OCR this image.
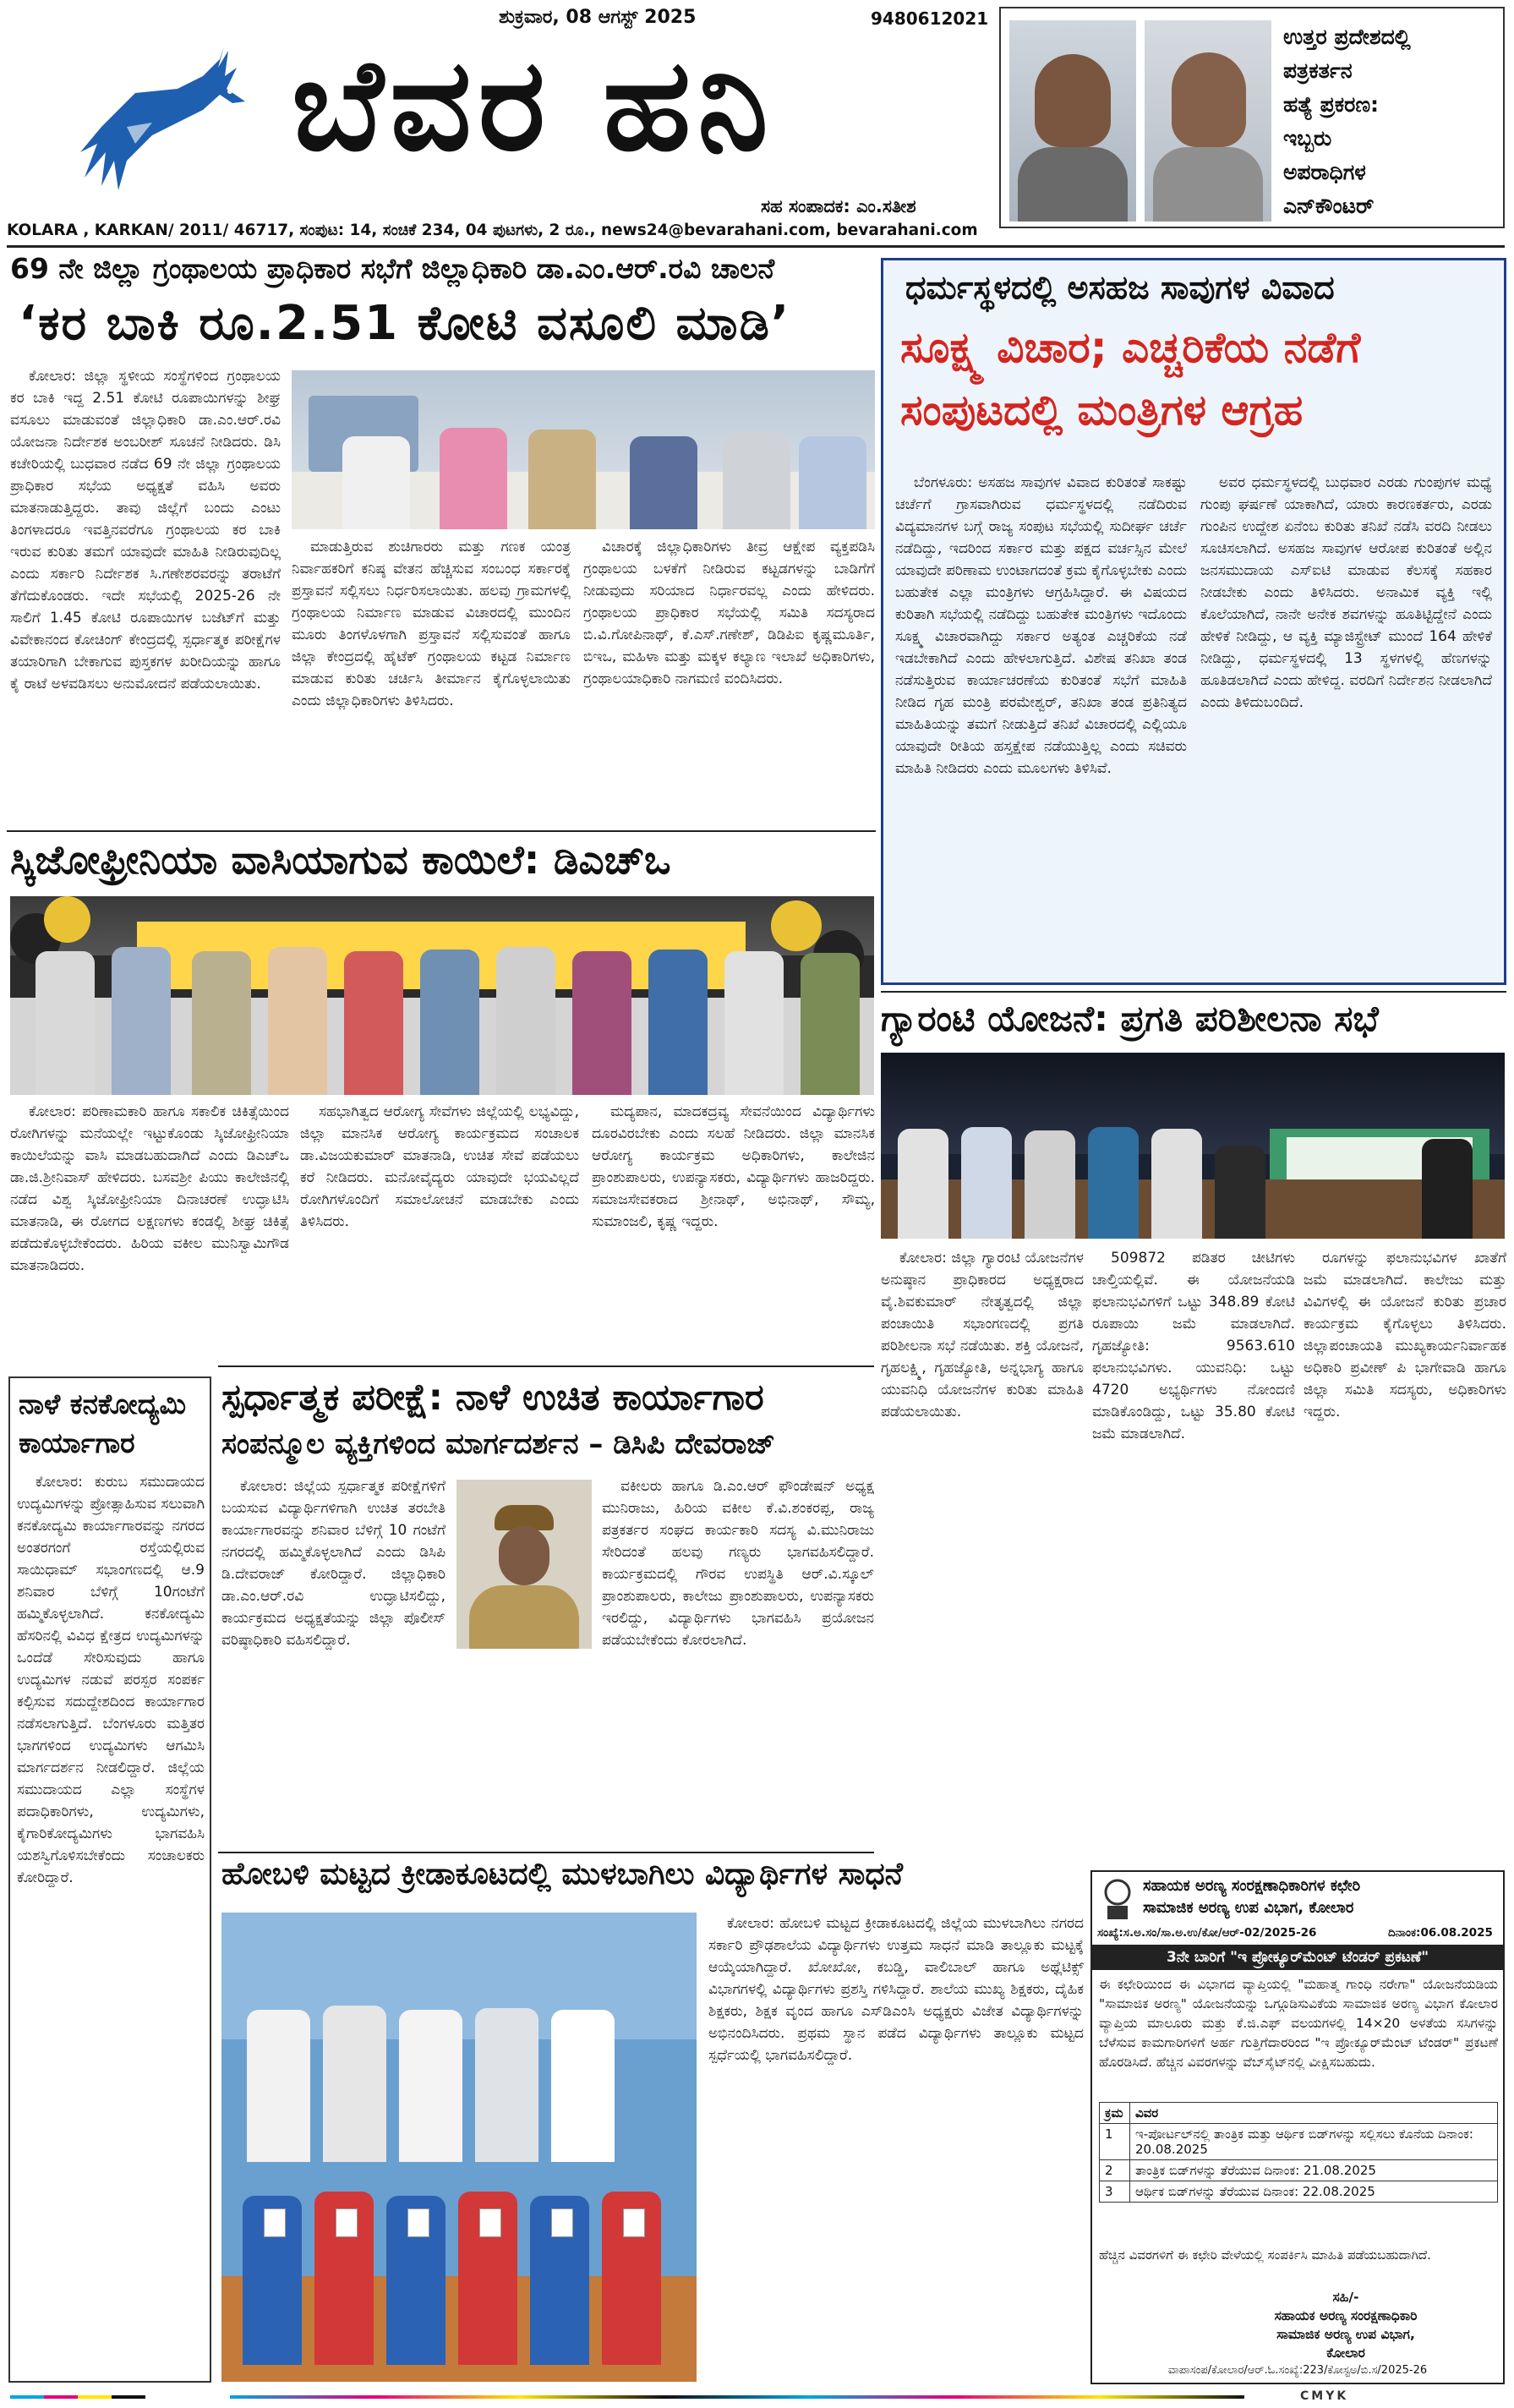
ಶುಕ್ರವಾರ, 08 ಆಗಸ್ಟ್ 2025	9480612021
ಬೆವರ ಹನಿ
ಸಹ ಸಂಪಾದಕ: ಎಂ.ಸತೀಶ
ಉತ್ತರ ಪ್ರದೇಶದಲ್ಲಿ
ಪತ್ರಕರ್ತನ
ಹತ್ಯೆ ಪ್ರಕರಣ:
ಇಬ್ಬರು
ಅಪರಾಧಿಗಳ
ಎನ್‌ಕೌಂಟರ್
KOLARA , KARKAN/ 2011/ 46717, ಸಂಪುಟ: 14, ಸಂಚಿಕೆ 234, 04 ಪುಟಗಳು, 2 ರೂ., news24@bevarahani.com, bevarahani.com
69 ನೇ ಜಿಲ್ಲಾ ಗ್ರಂಥಾಲಯ ಪ್ರಾಧಿಕಾರ ಸಭೆಗೆ ಜಿಲ್ಲಾಧಿಕಾರಿ ಡಾ.ಎಂ.ಆರ್.ರವಿ ಚಾಲನೆ
‘ಕರ ಬಾಕಿ ರೂ.2.51 ಕೋಟಿ ವಸೂಲಿ ಮಾಡಿ’

ಕೋಲಾರ: ಜಿಲ್ಲಾ ಸ್ಥಳೀಯ ಸಂಸ್ಥೆಗಳಿಂದ ಗ್ರಂಥಾಲಯ ಕರ ಬಾಕಿ ಇದ್ದ 2.51 ಕೋಟಿ ರೂಪಾಯಿಗಳನ್ನು ಶೀಘ್ರ ವಸೂಲು ಮಾಡುವಂತೆ ಜಿಲ್ಲಾಧಿಕಾರಿ ಡಾ.ಎಂ.ಆರ್.ರವಿ ಯೋಜನಾ ನಿರ್ದೇಶಕ ಅಂಬರೀಶ್ ಸೂಚನೆ ನೀಡಿದರು. ಡಿಸಿ ಕಚೇರಿಯಲ್ಲಿ ಬುಧವಾರ ನಡೆದ 69 ನೇ ಜಿಲ್ಲಾ ಗ್ರಂಥಾಲಯ ಪ್ರಾಧಿಕಾರ ಸಭೆಯ ಅಧ್ಯಕ್ಷತೆ ವಹಿಸಿ ಅವರು ಮಾತನಾಡುತ್ತಿದ್ದರು. ತಾವು ಜಿಲ್ಲೆಗೆ ಬಂದು ಎಂಟು ತಿಂಗಳಾದರೂ ಇವತ್ತಿನವರೆಗೂ ಗ್ರಂಥಾಲಯ ಕರ ಬಾಕಿ ಇರುವ ಕುರಿತು ತಮಗೆ ಯಾವುದೇ ಮಾಹಿತಿ ನೀಡಿರುವುದಿಲ್ಲ ಎಂದು ಸರ್ಕಾರಿ ನಿರ್ದೇಶಕ ಸಿ.ಗಣೇಶರವರನ್ನು ತರಾಟೆಗೆ ತೆಗೆದುಕೊಂಡರು. ಇದೇ ಸಭೆಯಲ್ಲಿ 2025-26 ನೇ ಸಾಲಿಗೆ 1.45 ಕೋಟಿ ರೂಪಾಯಿಗಳ ಬಜೆಟ್‌ಗೆ ಮತ್ತು ವಿವೇಕಾನಂದ ಕೋಚಿಂಗ್ ಕೇಂದ್ರದಲ್ಲಿ ಸ್ಪರ್ಧಾತ್ಮಕ ಪರೀಕ್ಷೆಗಳ ತಯಾರಿಗಾಗಿ ಬೇಕಾಗುವ ಪುಸ್ತಕಗಳ ಖರೀದಿಯನ್ನು ಹಾಗೂ ಕೈ ರಾಟೆ ಅಳವಡಿಸಲು ಅನುಮೋದನೆ ಪಡೆಯಲಾಯಿತು.

ಮಾಡುತ್ತಿರುವ ಶುಚಿಗಾರರು ಮತ್ತು ಗಣಕ ಯಂತ್ರ ನಿರ್ವಾಹಕರಿಗೆ ಕನಿಷ್ಠ ವೇತನ ಹೆಚ್ಚಿಸುವ ಸಂಬಂಧ ಸರ್ಕಾರಕ್ಕೆ ಪ್ರಸ್ತಾವನೆ ಸಲ್ಲಿಸಲು ನಿರ್ಧರಿಸಲಾಯಿತು. ಹಲವು ಗ್ರಾಮಗಳಲ್ಲಿ ಗ್ರಂಥಾಲಯ ನಿರ್ಮಾಣ ಮಾಡುವ ವಿಚಾರದಲ್ಲಿ ಮುಂದಿನ ಮೂರು ತಿಂಗಳೊಳಗಾಗಿ ಪ್ರಸ್ತಾವನೆ ಸಲ್ಲಿಸುವಂತೆ ಹಾಗೂ ಜಿಲ್ಲಾ ಕೇಂದ್ರದಲ್ಲಿ ಹೈಟೆಕ್ ಗ್ರಂಥಾಲಯ ಕಟ್ಟಡ ನಿರ್ಮಾಣ ಮಾಡುವ ಕುರಿತು ಚರ್ಚಿಸಿ ತೀರ್ಮಾನ ಕೈಗೊಳ್ಳಲಾಯಿತು ಎಂದು ಜಿಲ್ಲಾಧಿಕಾರಿಗಳು ತಿಳಿಸಿದರು.

ವಿಚಾರಕ್ಕೆ ಜಿಲ್ಲಾಧಿಕಾರಿಗಳು ತೀವ್ರ ಆಕ್ಷೇಪ ವ್ಯಕ್ತಪಡಿಸಿ ಗ್ರಂಥಾಲಯ ಬಳಕೆಗೆ ನೀಡಿರುವ ಕಟ್ಟಡಗಳನ್ನು ಬಾಡಿಗೆಗೆ ನೀಡುವುದು ಸರಿಯಾದ ನಿರ್ಧಾರವಲ್ಲ ಎಂದು ಹೇಳಿದರು. ಗ್ರಂಥಾಲಯ ಪ್ರಾಧಿಕಾರ ಸಭೆಯಲ್ಲಿ ಸಮಿತಿ ಸದಸ್ಯರಾದ ಬಿ.ವಿ.ಗೋಪಿನಾಥ್, ಕೆ.ಎಸ್.ಗಣೇಶ್, ಡಿಡಿಪಿಐ ಕೃಷ್ಣಮೂರ್ತಿ, ಬಿಇಒ, ಮಹಿಳಾ ಮತ್ತು ಮಕ್ಕಳ ಕಲ್ಯಾಣ ಇಲಾಖೆ ಅಧಿಕಾರಿಗಳು, ಗ್ರಂಥಾಲಯಾಧಿಕಾರಿ ನಾಗಮಣಿ ವಂದಿಸಿದರು.

ಧರ್ಮಸ್ಥಳದಲ್ಲಿ ಅಸಹಜ ಸಾವುಗಳ ವಿವಾದ
ಸೂಕ್ಷ್ಮ ವಿಚಾರ; ಎಚ್ಚರಿಕೆಯ ನಡೆಗೆ
ಸಂಪುಟದಲ್ಲಿ ಮಂತ್ರಿಗಳ ಆಗ್ರಹ

ಬೆಂಗಳೂರು: ಅಸಹಜ ಸಾವುಗಳ ವಿವಾದ ಕುರಿತಂತೆ ಸಾಕಷ್ಟು ಚರ್ಚೆಗೆ ಗ್ರಾಸವಾಗಿರುವ ಧರ್ಮಸ್ಥಳದಲ್ಲಿ ನಡೆದಿರುವ ವಿದ್ಯಮಾನಗಳ ಬಗ್ಗೆ ರಾಜ್ಯ ಸಂಪುಟ ಸಭೆಯಲ್ಲಿ ಸುದೀರ್ಘ ಚರ್ಚೆ ನಡೆದಿದ್ದು, ಇದರಿಂದ ಸರ್ಕಾರ ಮತ್ತು ಪಕ್ಷದ ವರ್ಚಸ್ಸಿನ ಮೇಲೆ ಯಾವುದೇ ಪರಿಣಾಮ ಉಂಟಾಗದಂತೆ ಕ್ರಮ ಕೈಗೊಳ್ಳಬೇಕು ಎಂದು ಬಹುತೇಕ ಎಲ್ಲಾ ಮಂತ್ರಿಗಳು ಆಗ್ರಹಿಸಿದ್ದಾರೆ. ಈ ವಿಷಯದ ಕುರಿತಾಗಿ ಸಭೆಯಲ್ಲಿ ನಡೆದಿದ್ದು ಬಹುತೇಕ ಮಂತ್ರಿಗಳು ಇದೊಂದು ಸೂಕ್ಷ್ಮ ವಿಚಾರವಾಗಿದ್ದು ಸರ್ಕಾರ ಅತ್ಯಂತ ಎಚ್ಚರಿಕೆಯ ನಡೆ ಇಡಬೇಕಾಗಿದೆ ಎಂದು ಹೇಳಲಾಗುತ್ತಿದೆ. ವಿಶೇಷ ತನಿಖಾ ತಂಡ ನಡೆಸುತ್ತಿರುವ ಕಾರ್ಯಾಚರಣೆಯ ಕುರಿತಂತೆ ಸಭೆಗೆ ಮಾಹಿತಿ ನೀಡಿದ ಗೃಹ ಮಂತ್ರಿ ಪರಮೇಶ್ವರ್, ತನಿಖಾ ತಂಡ ಪ್ರತಿನಿತ್ಯದ ಮಾಹಿತಿಯನ್ನು ತಮಗೆ ನೀಡುತ್ತಿದೆ ತನಿಖೆ ವಿಚಾರದಲ್ಲಿ ಎಲ್ಲಿಯೂ ಯಾವುದೇ ರೀತಿಯ ಹಸ್ತಕ್ಷೇಪ ನಡೆಯುತ್ತಿಲ್ಲ ಎಂದು ಸಚಿವರು ಮಾಹಿತಿ ನೀಡಿದರು ಎಂದು ಮೂಲಗಳು ತಿಳಿಸಿವೆ.

ಅವರ ಧರ್ಮಸ್ಥಳದಲ್ಲಿ ಬುಧವಾರ ಎರಡು ಗುಂಪುಗಳ ಮಧ್ಯೆ ಗುಂಪು ಘರ್ಷಣೆ ಯಾಕಾಗಿದೆ, ಯಾರು ಕಾರಣಕರ್ತರು, ಎರಡು ಗುಂಪಿನ ಉದ್ದೇಶ ಏನೆಂಬ ಕುರಿತು ತನಿಖೆ ನಡೆಸಿ ವರದಿ ನೀಡಲು ಸೂಚಿಸಲಾಗಿದೆ. ಅಸಹಜ ಸಾವುಗಳ ಆರೋಪ ಕುರಿತಂತೆ ಅಲ್ಲಿನ ಜನಸಮುದಾಯ ಎಸ್‌ಐಟಿ ಮಾಡುವ ಕೆಲಸಕ್ಕೆ ಸಹಕಾರ ನೀಡಬೇಕು ಎಂದು ತಿಳಿಸಿದರು. ಅನಾಮಿಕ ವ್ಯಕ್ತಿ ಇಲ್ಲಿ ಕೊಲೆಯಾಗಿದೆ, ನಾನೇ ಅನೇಕ ಶವಗಳನ್ನು ಹೂತಿಟ್ಟಿದ್ದೇನೆ ಎಂದು ಹೇಳಿಕೆ ನೀಡಿದ್ದು, ಆ ವ್ಯಕ್ತಿ ಮ್ಯಾಜಿಸ್ಟ್ರೇಟ್ ಮುಂದೆ 164 ಹೇಳಿಕೆ ನೀಡಿದ್ದು, ಧರ್ಮಸ್ಥಳದಲ್ಲಿ 13 ಸ್ಥಳಗಳಲ್ಲಿ ಹೆಣಗಳನ್ನು ಹೂತಿಡಲಾಗಿದೆ ಎಂದು ಹೇಳಿದ್ದ. ವರದಿಗೆ ನಿರ್ದೇಶನ ನೀಡಲಾಗಿದೆ ಎಂದು ತಿಳಿದುಬಂದಿದೆ.

ಸ್ಕಿಜೋಫ್ರೀನಿಯಾ ವಾಸಿಯಾಗುವ ಕಾಯಿಲೆ: ಡಿಎಚ್‌ಒ

ಕೋಲಾರ: ಪರಿಣಾಮಕಾರಿ ಹಾಗೂ ಸಕಾಲಿಕ ಚಿಕಿತ್ಸೆಯಿಂದ ರೋಗಿಗಳನ್ನು ಮನೆಯಲ್ಲೇ ಇಟ್ಟುಕೊಂಡು ಸ್ಕಿಜೋಫ್ರೀನಿಯಾ ಕಾಯಿಲೆಯನ್ನು ವಾಸಿ ಮಾಡಬಹುದಾಗಿದೆ ಎಂದು ಡಿಎಚ್‌ಒ ಡಾ.ಜಿ.ಶ್ರೀನಿವಾಸ್ ಹೇಳಿದರು. ಬಸವಶ್ರೀ ಪಿಯು ಕಾಲೇಜಿನಲ್ಲಿ ನಡೆದ ವಿಶ್ವ ಸ್ಕಿಜೋಫ್ರೀನಿಯಾ ದಿನಾಚರಣೆ ಉದ್ಘಾಟಿಸಿ ಮಾತನಾಡಿ, ಈ ರೋಗದ ಲಕ್ಷಣಗಳು ಕಂಡಲ್ಲಿ ಶೀಘ್ರ ಚಿಕಿತ್ಸೆ ಪಡೆದುಕೊಳ್ಳಬೇಕೆಂದರು. ಹಿರಿಯ ವಕೀಲ ಮುನಿಸ್ವಾಮಿಗೌಡ ಮಾತನಾಡಿದರು.

ಸಹಭಾಗಿತ್ವದ ಆರೋಗ್ಯ ಸೇವೆಗಳು ಜಿಲ್ಲೆಯಲ್ಲಿ ಲಭ್ಯವಿದ್ದು, ಜಿಲ್ಲಾ ಮಾನಸಿಕ ಆರೋಗ್ಯ ಕಾರ್ಯಕ್ರಮದ ಸಂಚಾಲಕ ಡಾ.ವಿಜಯಕುಮಾರ್ ಮಾತನಾಡಿ, ಉಚಿತ ಸೇವೆ ಪಡೆಯಲು ಕರೆ ನೀಡಿದರು. ಮನೋವೈದ್ಯರು ಯಾವುದೇ ಭಯವಿಲ್ಲದೆ ರೋಗಿಗಳೊಂದಿಗೆ ಸಮಾಲೋಚನೆ ಮಾಡಬೇಕು ಎಂದು ತಿಳಿಸಿದರು.

ಮದ್ಯಪಾನ, ಮಾದಕದ್ರವ್ಯ ಸೇವನೆಯಿಂದ ವಿದ್ಯಾರ್ಥಿಗಳು ದೂರವಿರಬೇಕು ಎಂದು ಸಲಹೆ ನೀಡಿದರು. ಜಿಲ್ಲಾ ಮಾನಸಿಕ ಆರೋಗ್ಯ ಕಾರ್ಯಕ್ರಮ ಅಧಿಕಾರಿಗಳು, ಕಾಲೇಜಿನ ಪ್ರಾಂಶುಪಾಲರು, ಉಪನ್ಯಾಸಕರು, ವಿದ್ಯಾರ್ಥಿಗಳು ಹಾಜರಿದ್ದರು. ಸಮಾಜಸೇವಕರಾದ ಶ್ರೀನಾಥ್, ಅಭಿನಾಥ್, ಸೌಮ್ಯ, ಸುಮಾಂಜಲಿ, ಕೃಷ್ಣ ಇದ್ದರು.

ಗ್ಯಾರಂಟಿ ಯೋಜನೆ: ಪ್ರಗತಿ ಪರಿಶೀಲನಾ ಸಭೆ

ಕೋಲಾರ: ಜಿಲ್ಲಾ ಗ್ಯಾರಂಟಿ ಯೋಜನೆಗಳ ಅನುಷ್ಠಾನ ಪ್ರಾಧಿಕಾರದ ಅಧ್ಯಕ್ಷರಾದ ವೈ.ಶಿವಕುಮಾರ್ ನೇತೃತ್ವದಲ್ಲಿ ಜಿಲ್ಲಾ ಪಂಚಾಯಿತಿ ಸಭಾಂಗಣದಲ್ಲಿ ಪ್ರಗತಿ ಪರಿಶೀಲನಾ ಸಭೆ ನಡೆಯಿತು. ಶಕ್ತಿ ಯೋಜನೆ, ಗೃಹಲಕ್ಷ್ಮಿ, ಗೃಹಜ್ಯೋತಿ, ಅನ್ನಭಾಗ್ಯ ಹಾಗೂ ಯುವನಿಧಿ ಯೋಜನೆಗಳ ಕುರಿತು ಮಾಹಿತಿ ಪಡೆಯಲಾಯಿತು.

509872 ಪಡಿತರ ಚೀಟಿಗಳು ಚಾಲ್ತಿಯಲ್ಲಿವೆ. ಈ ಯೋಜನೆಯಡಿ ಫಲಾನುಭವಿಗಳಿಗೆ ಒಟ್ಟು 348.89 ಕೋಟಿ ರೂಪಾಯಿ ಜಮೆ ಮಾಡಲಾಗಿದೆ. ಗೃಹಜ್ಯೋತಿ: 9563.610 ಫಲಾನುಭವಿಗಳು. ಯುವನಿಧಿ: ಒಟ್ಟು 4720 ಅಭ್ಯರ್ಥಿಗಳು ನೋಂದಣಿ ಮಾಡಿಕೊಂಡಿದ್ದು, ಒಟ್ಟು 35.80 ಕೋಟಿ ಜಮೆ ಮಾಡಲಾಗಿದೆ.

ರೂಗಳನ್ನು ಫಲಾನುಭವಿಗಳ ಖಾತೆಗೆ ಜಮೆ ಮಾಡಲಾಗಿದೆ. ಕಾಲೇಜು ಮತ್ತು ವಿವಿಗಳಲ್ಲಿ ಈ ಯೋಜನೆ ಕುರಿತು ಪ್ರಚಾರ ಕಾರ್ಯಕ್ರಮ ಕೈಗೊಳ್ಳಲು ತಿಳಿಸಿದರು. ಜಿಲ್ಲಾಪಂಚಾಯತಿ ಮುಖ್ಯಕಾರ್ಯನಿರ್ವಾಹಕ ಅಧಿಕಾರಿ ಪ್ರವೀಣ್ ಪಿ ಭಾಗೇವಾಡಿ ಹಾಗೂ ಜಿಲ್ಲಾ ಸಮಿತಿ ಸದಸ್ಯರು, ಅಧಿಕಾರಿಗಳು ಇದ್ದರು.

ನಾಳೆ ಕನಕೋದ್ಯಮಿ ಕಾರ್ಯಾಗಾರ

ಕೋಲಾರ: ಕುರುಬ ಸಮುದಾಯದ ಉದ್ಯಮಿಗಳನ್ನು ಪ್ರೋತ್ಸಾಹಿಸುವ ಸಲುವಾಗಿ ಕನಕೋದ್ಯಮಿ ಕಾರ್ಯಾಗಾರವನ್ನು ನಗರದ ಅಂತರಗಂಗೆ ರಸ್ತೆಯಲ್ಲಿರುವ ಸಾಯಿಧಾಮ್ ಸಭಾಂಗಣದಲ್ಲಿ ಆ.9 ಶನಿವಾರ ಬೆಳಿಗ್ಗೆ 10ಗಂಟೆಗೆ ಹಮ್ಮಿಕೊಳ್ಳಲಾಗಿದೆ. ಕನಕೋದ್ಯಮಿ ಹೆಸರಿನಲ್ಲಿ ವಿವಿಧ ಕ್ಷೇತ್ರದ ಉದ್ಯಮಿಗಳನ್ನು ಒಂದೆಡೆ ಸೇರಿಸುವುದು ಹಾಗೂ ಉದ್ಯಮಿಗಳ ನಡುವೆ ಪರಸ್ಪರ ಸಂಪರ್ಕ ಕಲ್ಪಿಸುವ ಸದುದ್ದೇಶದಿಂದ ಕಾರ್ಯಾಗಾರ ನಡೆಸಲಾಗುತ್ತಿದೆ. ಬೆಂಗಳೂರು ಮತ್ತಿತರ ಭಾಗಗಳಿಂದ ಉದ್ಯಮಿಗಳು ಆಗಮಿಸಿ ಮಾರ್ಗದರ್ಶನ ನೀಡಲಿದ್ದಾರೆ. ಜಿಲ್ಲೆಯ ಸಮುದಾಯದ ಎಲ್ಲಾ ಸಂಸ್ಥೆಗಳ ಪದಾಧಿಕಾರಿಗಳು, ಉದ್ಯಮಿಗಳು, ಕೈಗಾರಿಕೋದ್ಯಮಿಗಳು ಭಾಗವಹಿಸಿ ಯಶಸ್ವಿಗೊಳಿಸಬೇಕೆಂದು ಸಂಚಾಲಕರು ಕೋರಿದ್ದಾರೆ.

ಸ್ಪರ್ಧಾತ್ಮಕ ಪರೀಕ್ಷೆ: ನಾಳೆ ಉಚಿತ ಕಾರ್ಯಾಗಾರ
ಸಂಪನ್ಮೂಲ ವ್ಯಕ್ತಿಗಳಿಂದ ಮಾರ್ಗದರ್ಶನ – ಡಿಸಿಪಿ ದೇವರಾಜ್

ಕೋಲಾರ: ಜಿಲ್ಲೆಯ ಸ್ಪರ್ಧಾತ್ಮಕ ಪರೀಕ್ಷೆಗಳಿಗೆ ಬಯಸುವ ವಿದ್ಯಾರ್ಥಿಗಳಿಗಾಗಿ ಉಚಿತ ತರಬೇತಿ ಕಾರ್ಯಾಗಾರವನ್ನು ಶನಿವಾರ ಬೆಳಿಗ್ಗೆ 10 ಗಂಟೆಗೆ ನಗರದಲ್ಲಿ ಹಮ್ಮಿಕೊಳ್ಳಲಾಗಿದೆ ಎಂದು ಡಿಸಿಪಿ ಡಿ.ದೇವರಾಜ್ ಕೋರಿದ್ದಾರೆ. ಜಿಲ್ಲಾಧಿಕಾರಿ ಡಾ.ಎಂ.ಆರ್.ರವಿ ಉದ್ಘಾಟಿಸಲಿದ್ದು, ಕಾರ್ಯಕ್ರಮದ ಅಧ್ಯಕ್ಷತೆಯನ್ನು ಜಿಲ್ಲಾ ಪೊಲೀಸ್ ವರಿಷ್ಠಾಧಿಕಾರಿ ವಹಿಸಲಿದ್ದಾರೆ.

ವಕೀಲರು ಹಾಗೂ ಡಿ.ಎಂ.ಆರ್ ಫೌಂಡೇಷನ್ ಅಧ್ಯಕ್ಷ ಮುನಿರಾಜು, ಹಿರಿಯ ವಕೀಲ ಕೆ.ವಿ.ಶಂಕರಪ್ಪ, ರಾಜ್ಯ ಪತ್ರಕರ್ತರ ಸಂಘದ ಕಾರ್ಯಕಾರಿ ಸದಸ್ಯ ವಿ.ಮುನಿರಾಜು ಸೇರಿದಂತೆ ಹಲವು ಗಣ್ಯರು ಭಾಗವಹಿಸಲಿದ್ದಾರೆ. ಕಾರ್ಯಕ್ರಮದಲ್ಲಿ ಗೌರವ ಉಪಸ್ಥಿತಿ ಆರ್.ವಿ.ಸ್ಕೂಲ್ ಪ್ರಾಂಶುಪಾಲರು, ಕಾಲೇಜು ಪ್ರಾಂಶುಪಾಲರು, ಉಪನ್ಯಾಸಕರು ಇರಲಿದ್ದು, ವಿದ್ಯಾರ್ಥಿಗಳು ಭಾಗವಹಿಸಿ ಪ್ರಯೋಜನ ಪಡೆಯಬೇಕೆಂದು ಕೋರಲಾಗಿದೆ.

ಹೋಬಳಿ ಮಟ್ಟದ ಕ್ರೀಡಾಕೂಟದಲ್ಲಿ ಮುಳಬಾಗಿಲು ವಿದ್ಯಾರ್ಥಿಗಳ ಸಾಧನೆ

ಕೋಲಾರ: ಹೋಬಳಿ ಮಟ್ಟದ ಕ್ರೀಡಾಕೂಟದಲ್ಲಿ ಜಿಲ್ಲೆಯ ಮುಳಬಾಗಿಲು ನಗರದ ಸರ್ಕಾರಿ ಪ್ರೌಢಶಾಲೆಯ ವಿದ್ಯಾರ್ಥಿಗಳು ಉತ್ತಮ ಸಾಧನೆ ಮಾಡಿ ತಾಲ್ಲೂಕು ಮಟ್ಟಕ್ಕೆ ಆಯ್ಕೆಯಾಗಿದ್ದಾರೆ. ಖೋಖೋ, ಕಬಡ್ಡಿ, ವಾಲಿಬಾಲ್ ಹಾಗೂ ಅಥ್ಲೆಟಿಕ್ಸ್ ವಿಭಾಗಗಳಲ್ಲಿ ವಿದ್ಯಾರ್ಥಿಗಳು ಪ್ರಶಸ್ತಿ ಗಳಿಸಿದ್ದಾರೆ. ಶಾಲೆಯ ಮುಖ್ಯ ಶಿಕ್ಷಕರು, ದೈಹಿಕ ಶಿಕ್ಷಕರು, ಶಿಕ್ಷಕ ವೃಂದ ಹಾಗೂ ಎಸ್‌ಡಿಎಂಸಿ ಅಧ್ಯಕ್ಷರು ವಿಜೇತ ವಿದ್ಯಾರ್ಥಿಗಳನ್ನು ಅಭಿನಂದಿಸಿದರು. ಪ್ರಥಮ ಸ್ಥಾನ ಪಡೆದ ವಿದ್ಯಾರ್ಥಿಗಳು ತಾಲ್ಲೂಕು ಮಟ್ಟದ ಸ್ಪರ್ಧೆಯಲ್ಲಿ ಭಾಗವಹಿಸಲಿದ್ದಾರೆ.

ಸಹಾಯಕ ಅರಣ್ಯ ಸಂರಕ್ಷಣಾಧಿಕಾರಿಗಳ ಕಛೇರಿ
ಸಾಮಾಜಿಕ ಅರಣ್ಯ ಉಪ ವಿಭಾಗ, ಕೋಲಾರ
ಸಂಖ್ಯೆ:ಸ.ಅ.ಸಂ/ಸಾ.ಅ.ಉ/ಕೋ/ಆರ್-02/2025-26	ದಿನಾಂಕ:06.08.2025
3ನೇ ಬಾರಿಗೆ "ಇ ಪ್ರೋಕ್ಯೂರ್‌ಮೆಂಟ್ ಟೆಂಡರ್ ಪ್ರಕಟಣೆ"
ಈ ಕಛೇರಿಯಿಂದ ಈ ವಿಭಾಗದ ವ್ಯಾಪ್ತಿಯಲ್ಲಿ "ಮಹಾತ್ಮ ಗಾಂಧಿ ನರೇಗಾ" ಯೋಜನೆಯಡಿಯ "ಸಾಮಾಜಿಕ ಅರಣ್ಯ" ಯೋಜನೆಯನ್ನು ಒಗ್ಗೂಡಿಸುವಿಕೆಯ ಸಾಮಾಜಿಕ ಅರಣ್ಯ ವಿಭಾಗ ಕೋಲಾರ ವ್ಯಾಪ್ತಿಯ ಮಾಲೂರು ಮತ್ತು ಕೆ.ಜಿ.ಎಫ್ ವಲಯಗಳಲ್ಲಿ 14×20 ಅಳತೆಯ ಸಸಿಗಳನ್ನು ಬೆಳೆಸುವ ಕಾಮಗಾರಿಗಳಿಗೆ ಅರ್ಹ ಗುತ್ತಿಗೆದಾರರಿಂದ "ಇ ಪ್ರೋಕ್ಯೂರ್‌ಮೆಂಟ್ ಟೆಂಡರ್" ಪ್ರಕಟಣೆ ಹೊರಡಿಸಿದೆ. ಹೆಚ್ಚಿನ ವಿವರಗಳನ್ನು ವೆಬ್‌ಸೈಟ್‌ನಲ್ಲಿ ವೀಕ್ಷಿಸಬಹುದು.
ಕ್ರಮ	ವಿವರ
1	ಇ-ಪೋರ್ಟಲ್‌ನಲ್ಲಿ ತಾಂತ್ರಿಕ ಮತ್ತು ಆರ್ಥಿಕ ಬಿಡ್‌ಗಳನ್ನು ಸಲ್ಲಿಸಲು ಕೊನೆಯ ದಿನಾಂಕ: 20.08.2025
2	ತಾಂತ್ರಿಕ ಬಿಡ್‌ಗಳನ್ನು ತೆರೆಯುವ ದಿನಾಂಕ: 21.08.2025
3	ಆರ್ಥಿಕ ಬಿಡ್‌ಗಳನ್ನು ತೆರೆಯುವ ದಿನಾಂಕ: 22.08.2025
ಹೆಚ್ಚಿನ ವಿವರಗಳಿಗೆ ಈ ಕಛೇರಿ ವೇಳೆಯಲ್ಲಿ ಸಂಪರ್ಕಿಸಿ ಮಾಹಿತಿ ಪಡೆಯಬಹುದಾಗಿದೆ.
ಸಹಿ/-
ಸಹಾಯಕ ಅರಣ್ಯ ಸಂರಕ್ಷಣಾಧಿಕಾರಿ
ಸಾಮಾಜಿಕ ಅರಣ್ಯ ಉಪ ವಿಭಾಗ,
ಕೋಲಾರ
ವಾಪಾಸಂಪ/ಕೋಲಾರ/ಆರ್.ಓ.ಸಂಖ್ಯೆ:223/ಕೋಸ್ಟಅ/ಬಿ.ಸ/2025-26
CMYK
